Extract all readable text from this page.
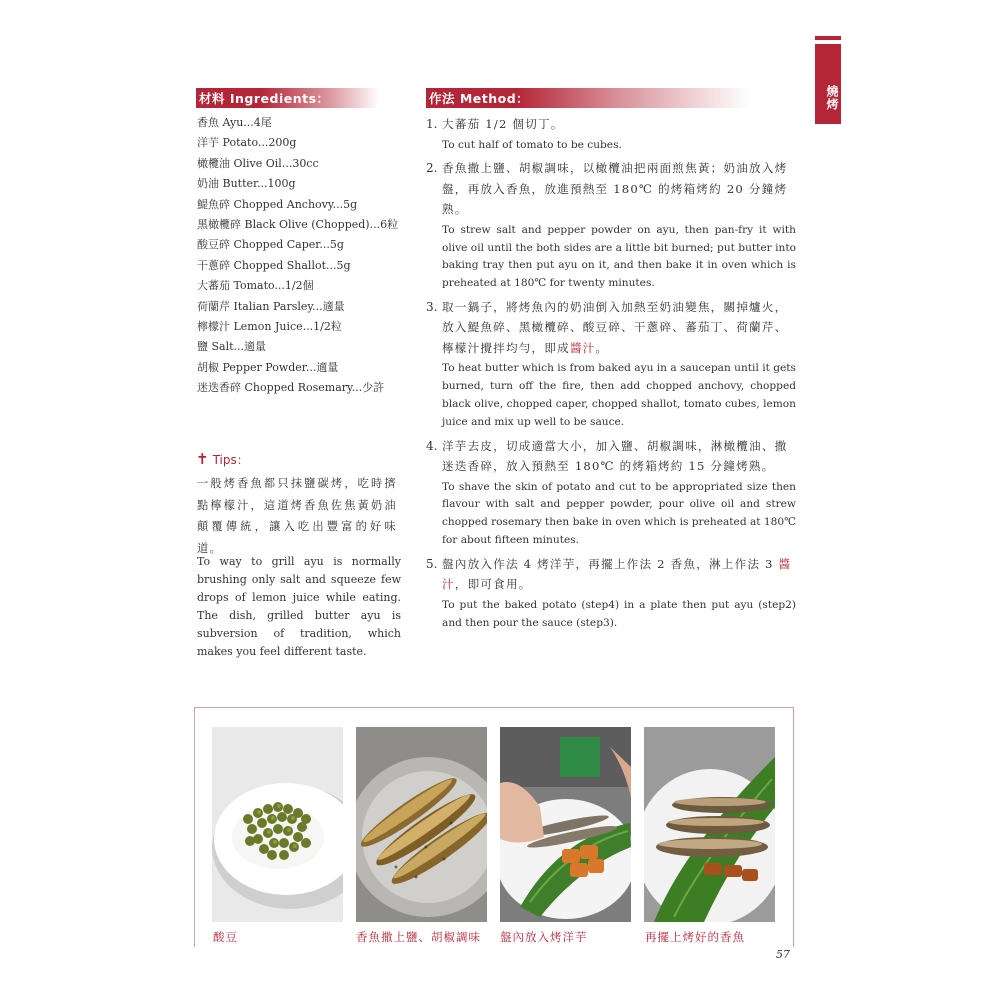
燒烤
材料 Ingredients：
香魚 Ayu...4尾
洋芋 Potato...200g
橄欖油 Olive Oil...30cc
奶油 Butter...100g
鯷魚碎 Chopped Anchovy...5g
黑橄欖碎 Black Olive (Chopped)...6粒
酸豆碎 Chopped Caper...5g
干蔥碎 Chopped Shallot...5g
大蕃茄 Tomato...1/2個
荷蘭芹 Italian Parsley...適量
檸檬汁 Lemon Juice...1/2粒
鹽 Salt...適量
胡椒 Pepper Powder...適量
迷迭香碎 Chopped Rosemary...少許
✝ Tips：
一般烤香魚都只抹鹽碳烤，吃時擠點檸檬汁，這道烤香魚佐焦黃奶油顛覆傳統，讓入吃出豐富的好味道。
To way to grill ayu is normally brushing only salt and squeeze few drops of lemon juice while eating. The dish, grilled butter ayu is subversion of tradition, which makes you feel different taste.
作法 Method：
1. 大蕃茄 1/2 個切丁。
To cut half of tomato to be cubes.
2. 香魚撒上鹽、胡椒調味，以橄欖油把兩面煎焦黃；奶油放入烤盤，再放入香魚，放進預熱至 180℃ 的烤箱烤約 20 分鐘烤熟。
To strew salt and pepper powder on ayu, then pan-fry it with olive oil until the both sides are a little bit burned; put butter into baking tray then put ayu on it, and then bake it in oven which is preheated at 180℃ for twenty minutes.
3. 取一鍋子，將烤魚內的奶油倒入加熱至奶油變焦，關掉爐火，放入鯷魚碎、黑橄欖碎、酸豆碎、干蔥碎、蕃茄丁、荷蘭芹、檸檬汁攪拌均勻，即成醬汁。
To heat butter which is from baked ayu in a saucepan until it gets burned, turn off the fire, then add chopped anchovy, chopped black olive, chopped caper, chopped shallot, tomato cubes, lemon juice and mix up well to be sauce.
4. 洋芋去皮，切成適當大小，加入鹽、胡椒調味，淋橄欖油、撒迷迭香碎，放入預熱至 180℃ 的烤箱烤約 15 分鐘烤熟。
To shave the skin of potato and cut to be appropriated size then flavour with salt and pepper powder, pour olive oil and strew chopped rosemary then bake in oven which is preheated at 180℃ for about fifteen minutes.
5. 盤內放入作法 4 烤洋芋，再擺上作法 2 香魚，淋上作法 3 醬汁，即可食用。
To put the baked potato (step4) in a plate then put ayu (step2) and then pour the sauce (step3).
酸豆	香魚撒上鹽、胡椒調味 盤內放入烤洋芋	再擺上烤好的香魚
57
